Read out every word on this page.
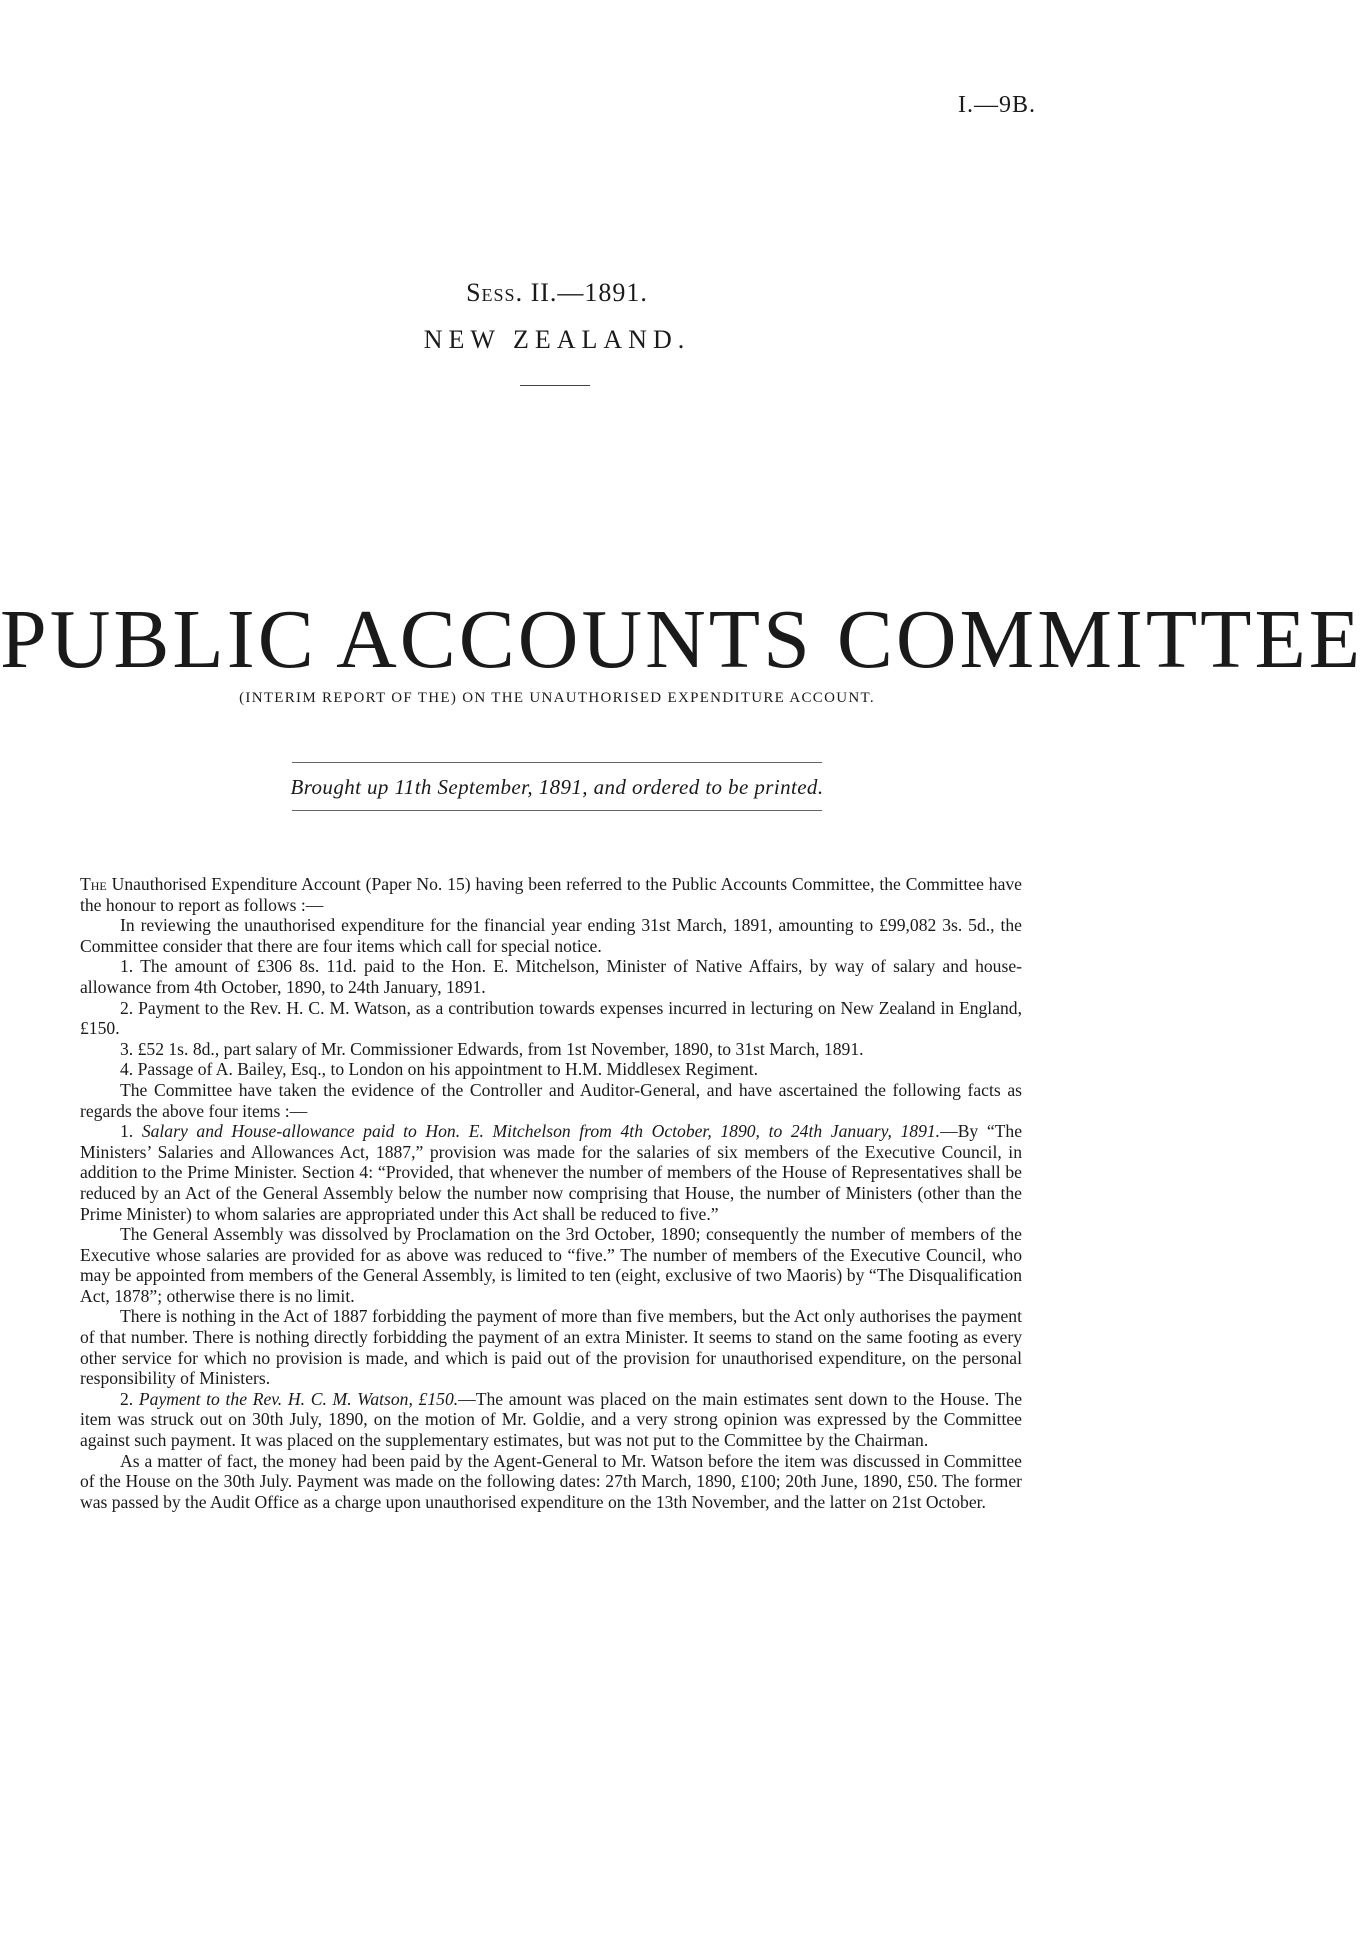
I.—9B.
Sess. II.—1891.
NEW ZEALAND.
PUBLIC ACCOUNTS COMMITTEE
(INTERIM REPORT OF THE) ON THE UNAUTHORISED EXPENDITURE ACCOUNT.
Brought up 11th September, 1891, and ordered to be printed.

The Unauthorised Expenditure Account (Paper No. 15) having been referred to the Public Accounts Committee, the Committee have the honour to report as follows :—

In reviewing the unauthorised expenditure for the financial year ending 31st March, 1891, amounting to £99,082 3s. 5d., the Committee consider that there are four items which call for special notice.

1. The amount of £306 8s. 11d. paid to the Hon. E. Mitchelson, Minister of Native Affairs, by way of salary and house-allowance from 4th October, 1890, to 24th January, 1891.

2. Payment to the Rev. H. C. M. Watson, as a contribution towards expenses incurred in lecturing on New Zealand in England, £150.

3. £52 1s. 8d., part salary of Mr. Commissioner Edwards, from 1st November, 1890, to 31st March, 1891.

4. Passage of A. Bailey, Esq., to London on his appointment to H.M. Middlesex Regiment.

The Committee have taken the evidence of the Controller and Auditor-General, and have ascertained the following facts as regards the above four items :—

1. Salary and House-allowance paid to Hon. E. Mitchelson from 4th October, 1890, to 24th January, 1891.—By “The Ministers’ Salaries and Allowances Act, 1887,” provision was made for the salaries of six members of the Executive Council, in addition to the Prime Minister. Section 4: “Provided, that whenever the number of members of the House of Representatives shall be reduced by an Act of the General Assembly below the number now comprising that House, the number of Ministers (other than the Prime Minister) to whom salaries are appropriated under this Act shall be reduced to five.”

The General Assembly was dissolved by Proclamation on the 3rd October, 1890; consequently the number of members of the Executive whose salaries are provided for as above was reduced to “five.” The number of members of the Executive Council, who may be appointed from members of the General Assembly, is limited to ten (eight, exclusive of two Maoris) by “The Disqualification Act, 1878”; otherwise there is no limit.

There is nothing in the Act of 1887 forbidding the payment of more than five members, but the Act only authorises the payment of that number. There is nothing directly forbidding the payment of an extra Minister. It seems to stand on the same footing as every other service for which no provision is made, and which is paid out of the provision for unauthorised expenditure, on the personal responsibility of Ministers.

2. Payment to the Rev. H. C. M. Watson, £150.—The amount was placed on the main estimates sent down to the House. The item was struck out on 30th July, 1890, on the motion of Mr. Goldie, and a very strong opinion was expressed by the Committee against such payment. It was placed on the supplementary estimates, but was not put to the Committee by the Chairman.

As a matter of fact, the money had been paid by the Agent-General to Mr. Watson before the item was discussed in Committee of the House on the 30th July. Payment was made on the following dates: 27th March, 1890, £100; 20th June, 1890, £50. The former was passed by the Audit Office as a charge upon unauthorised expenditure on the 13th November, and the latter on 21st October.
